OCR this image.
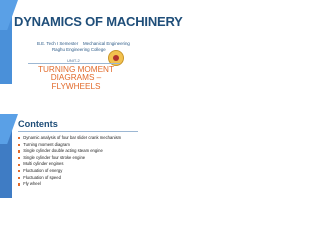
DYNAMICS OF MACHINERY
B.E. Tech I Semester Mechanical Engineering
Raghu Engineering College
UNIT-2
TURNING MOMENT
DIAGRAMS – FLYWHEELS
Contents
Dynamic analysis of four bar slider crank mechanism
Turning moment diagram
Single cylinder double acting steam engine
Single cylinder four stroke engine
Multi cylinder engines
Fluctuation of energy
Fluctuation of speed
Fly wheel
